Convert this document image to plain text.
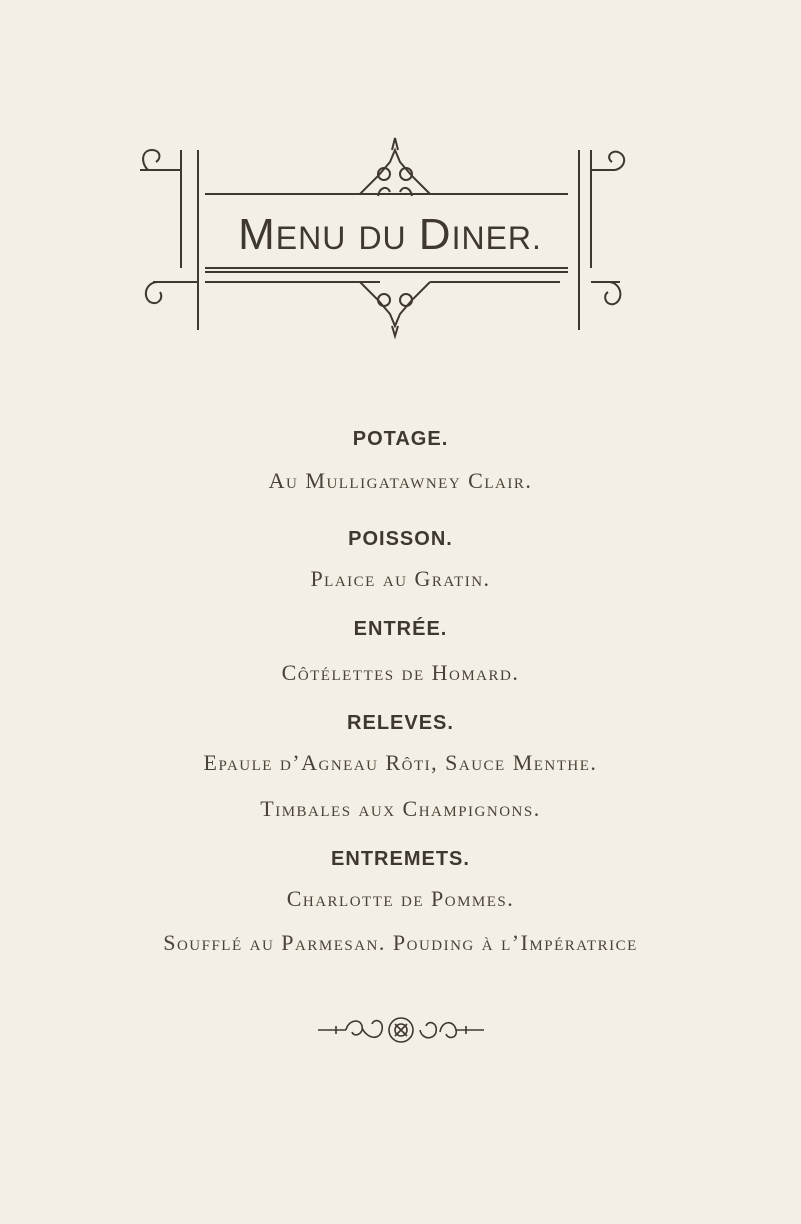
MENU DU DINER.
POTAGE.
Au Mulligatawney Clair.
POISSON.
Plaice au Gratin.
ENTRÉE.
Côtélettes de Homard.
RELEVES.
Epaule d’Agneau Rôti, Sauce Menthe.
Timbales aux Champignons.
ENTREMETS.
Charlotte de Pommes.
Soufflé au Parmesan. Pouding à l’Impératrice
